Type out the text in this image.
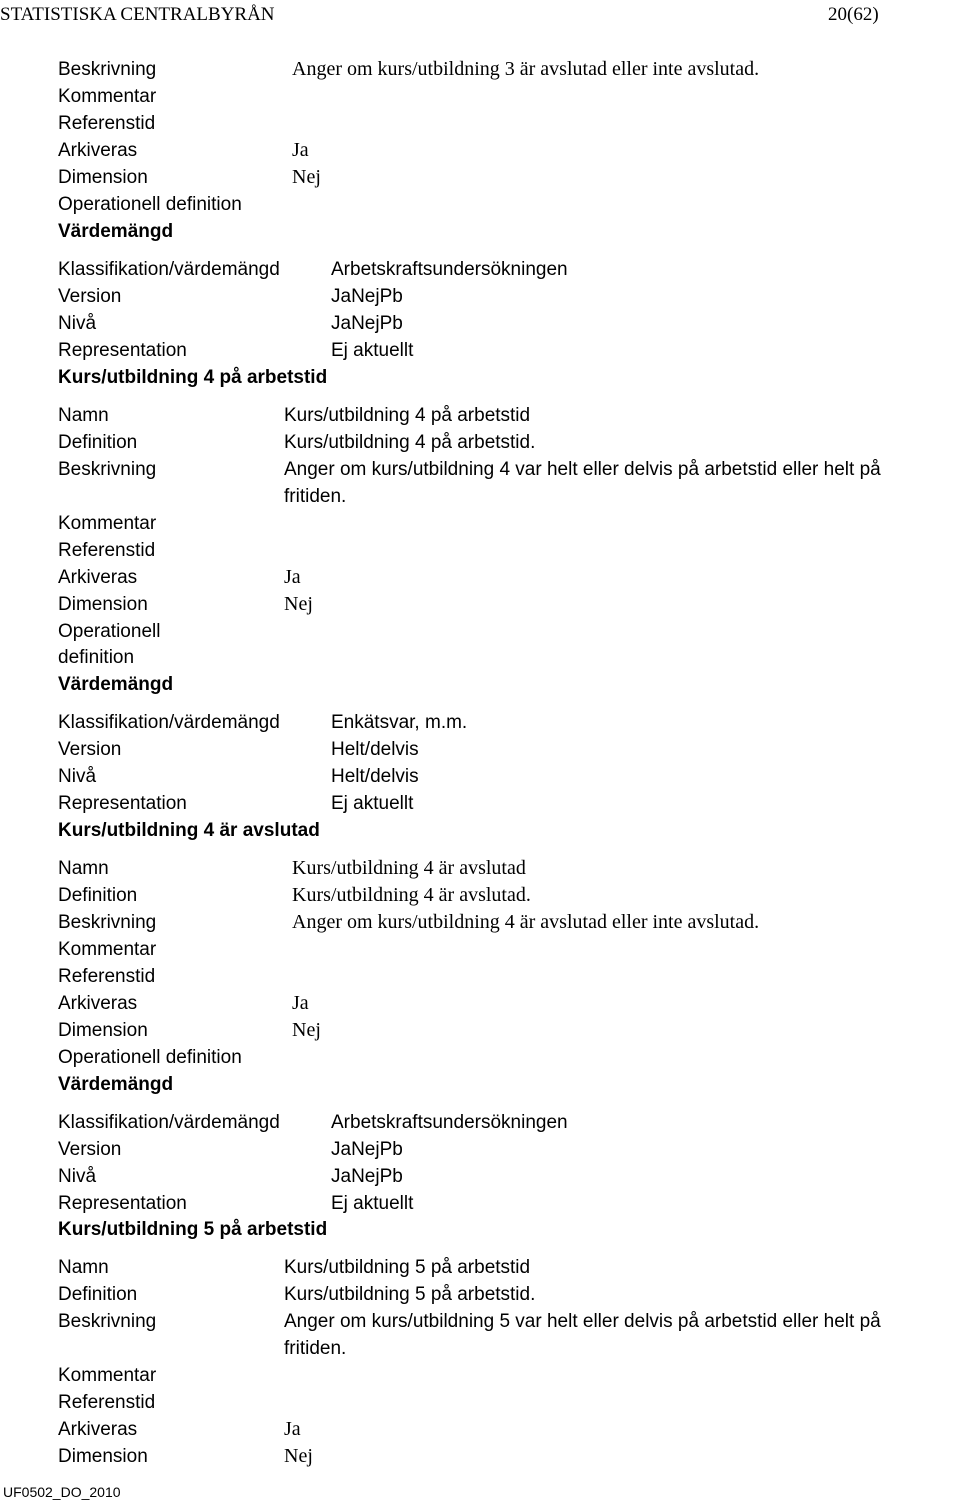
STATISTISKA CENTRALBYRÅN	20(62)
Beskrivning	Anger om kurs/utbildning 3 är avslutad eller inte avslutad.
Kommentar
Referenstid
Arkiveras	Ja
Dimension	Nej
Operationell definition
Värdemängd
Klassifikation/värdemängd	Arbetskraftsundersökningen
Version	JaNejPb
Nivå	JaNejPb
Representation	Ej aktuellt
Kurs/utbildning 4 på arbetstid
Namn	Kurs/utbildning 4 på arbetstid
Definition	Kurs/utbildning 4 på arbetstid.
Beskrivning	Anger om kurs/utbildning 4 var helt eller delvis på arbetstid eller helt på
fritiden.
Kommentar
Referenstid
Arkiveras	Ja
Dimension	Nej
Operationell
definition
Värdemängd
Klassifikation/värdemängd	Enkätsvar, m.m.
Version	Helt/delvis
Nivå	Helt/delvis
Representation	Ej aktuellt
Kurs/utbildning 4 är avslutad
Namn	Kurs/utbildning 4 är avslutad
Definition	Kurs/utbildning 4 är avslutad.
Beskrivning	Anger om kurs/utbildning 4 är avslutad eller inte avslutad.
Kommentar
Referenstid
Arkiveras	Ja
Dimension	Nej
Operationell definition
Värdemängd
Klassifikation/värdemängd	Arbetskraftsundersökningen
Version	JaNejPb
Nivå	JaNejPb
Representation	Ej aktuellt
Kurs/utbildning 5 på arbetstid
Namn	Kurs/utbildning 5 på arbetstid
Definition	Kurs/utbildning 5 på arbetstid.
Beskrivning	Anger om kurs/utbildning 5 var helt eller delvis på arbetstid eller helt på
fritiden.
Kommentar
Referenstid
Arkiveras	Ja
Dimension	Nej
UF0502_DO_2010
